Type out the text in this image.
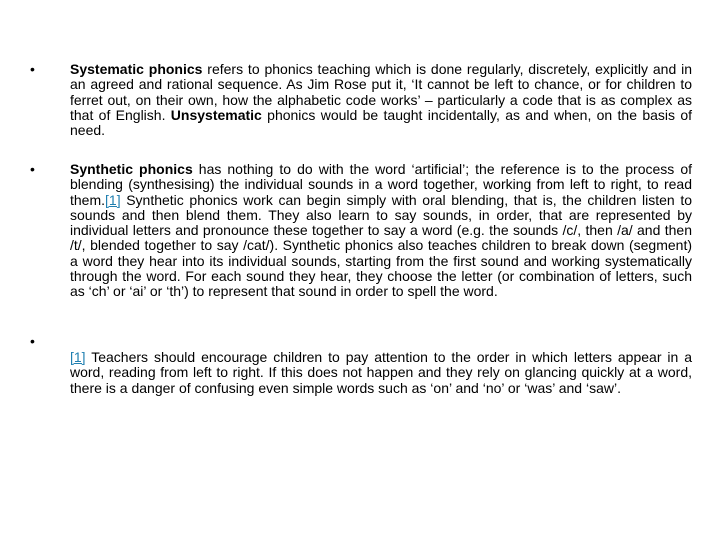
•	Systematic phonics refers to phonics teaching which is done regularly, discretely, explicitly and in an agreed and rational sequence. As Jim Rose put it, ‘It cannot be left to chance, or for children to ferret out, on their own, how the alphabetic code works’ – particularly a code that is as complex as that of English. Unsystematic phonics would be taught incidentally, as and when, on the basis of need.
•	Synthetic phonics has nothing to do with the word ‘artificial’; the reference is to the process of blending (synthesising) the individual sounds in a word together, working from left to right, to read them.[1] Synthetic phonics work can begin simply with oral blending, that is, the children listen to sounds and then blend them. They also learn to say sounds, in order, that are represented by individual letters and pronounce these together to say a word (e.g. the sounds /c/, then /a/ and then /t/, blended together to say /cat/). Synthetic phonics also teaches children to break down (segment) a word they hear into its individual sounds, starting from the first sound and working systematically through the word. For each sound they hear, they choose the letter (or combination of letters, such as ‘ch’ or ‘ai’ or ‘th’) to represent that sound in order to spell the word.
•
[1] Teachers should encourage children to pay attention to the order in which letters appear in a word, reading from left to right. If this does not happen and they rely on glancing quickly at a word, there is a danger of confusing even simple words such as ‘on’ and ‘no’ or ‘was’ and ‘saw’.
